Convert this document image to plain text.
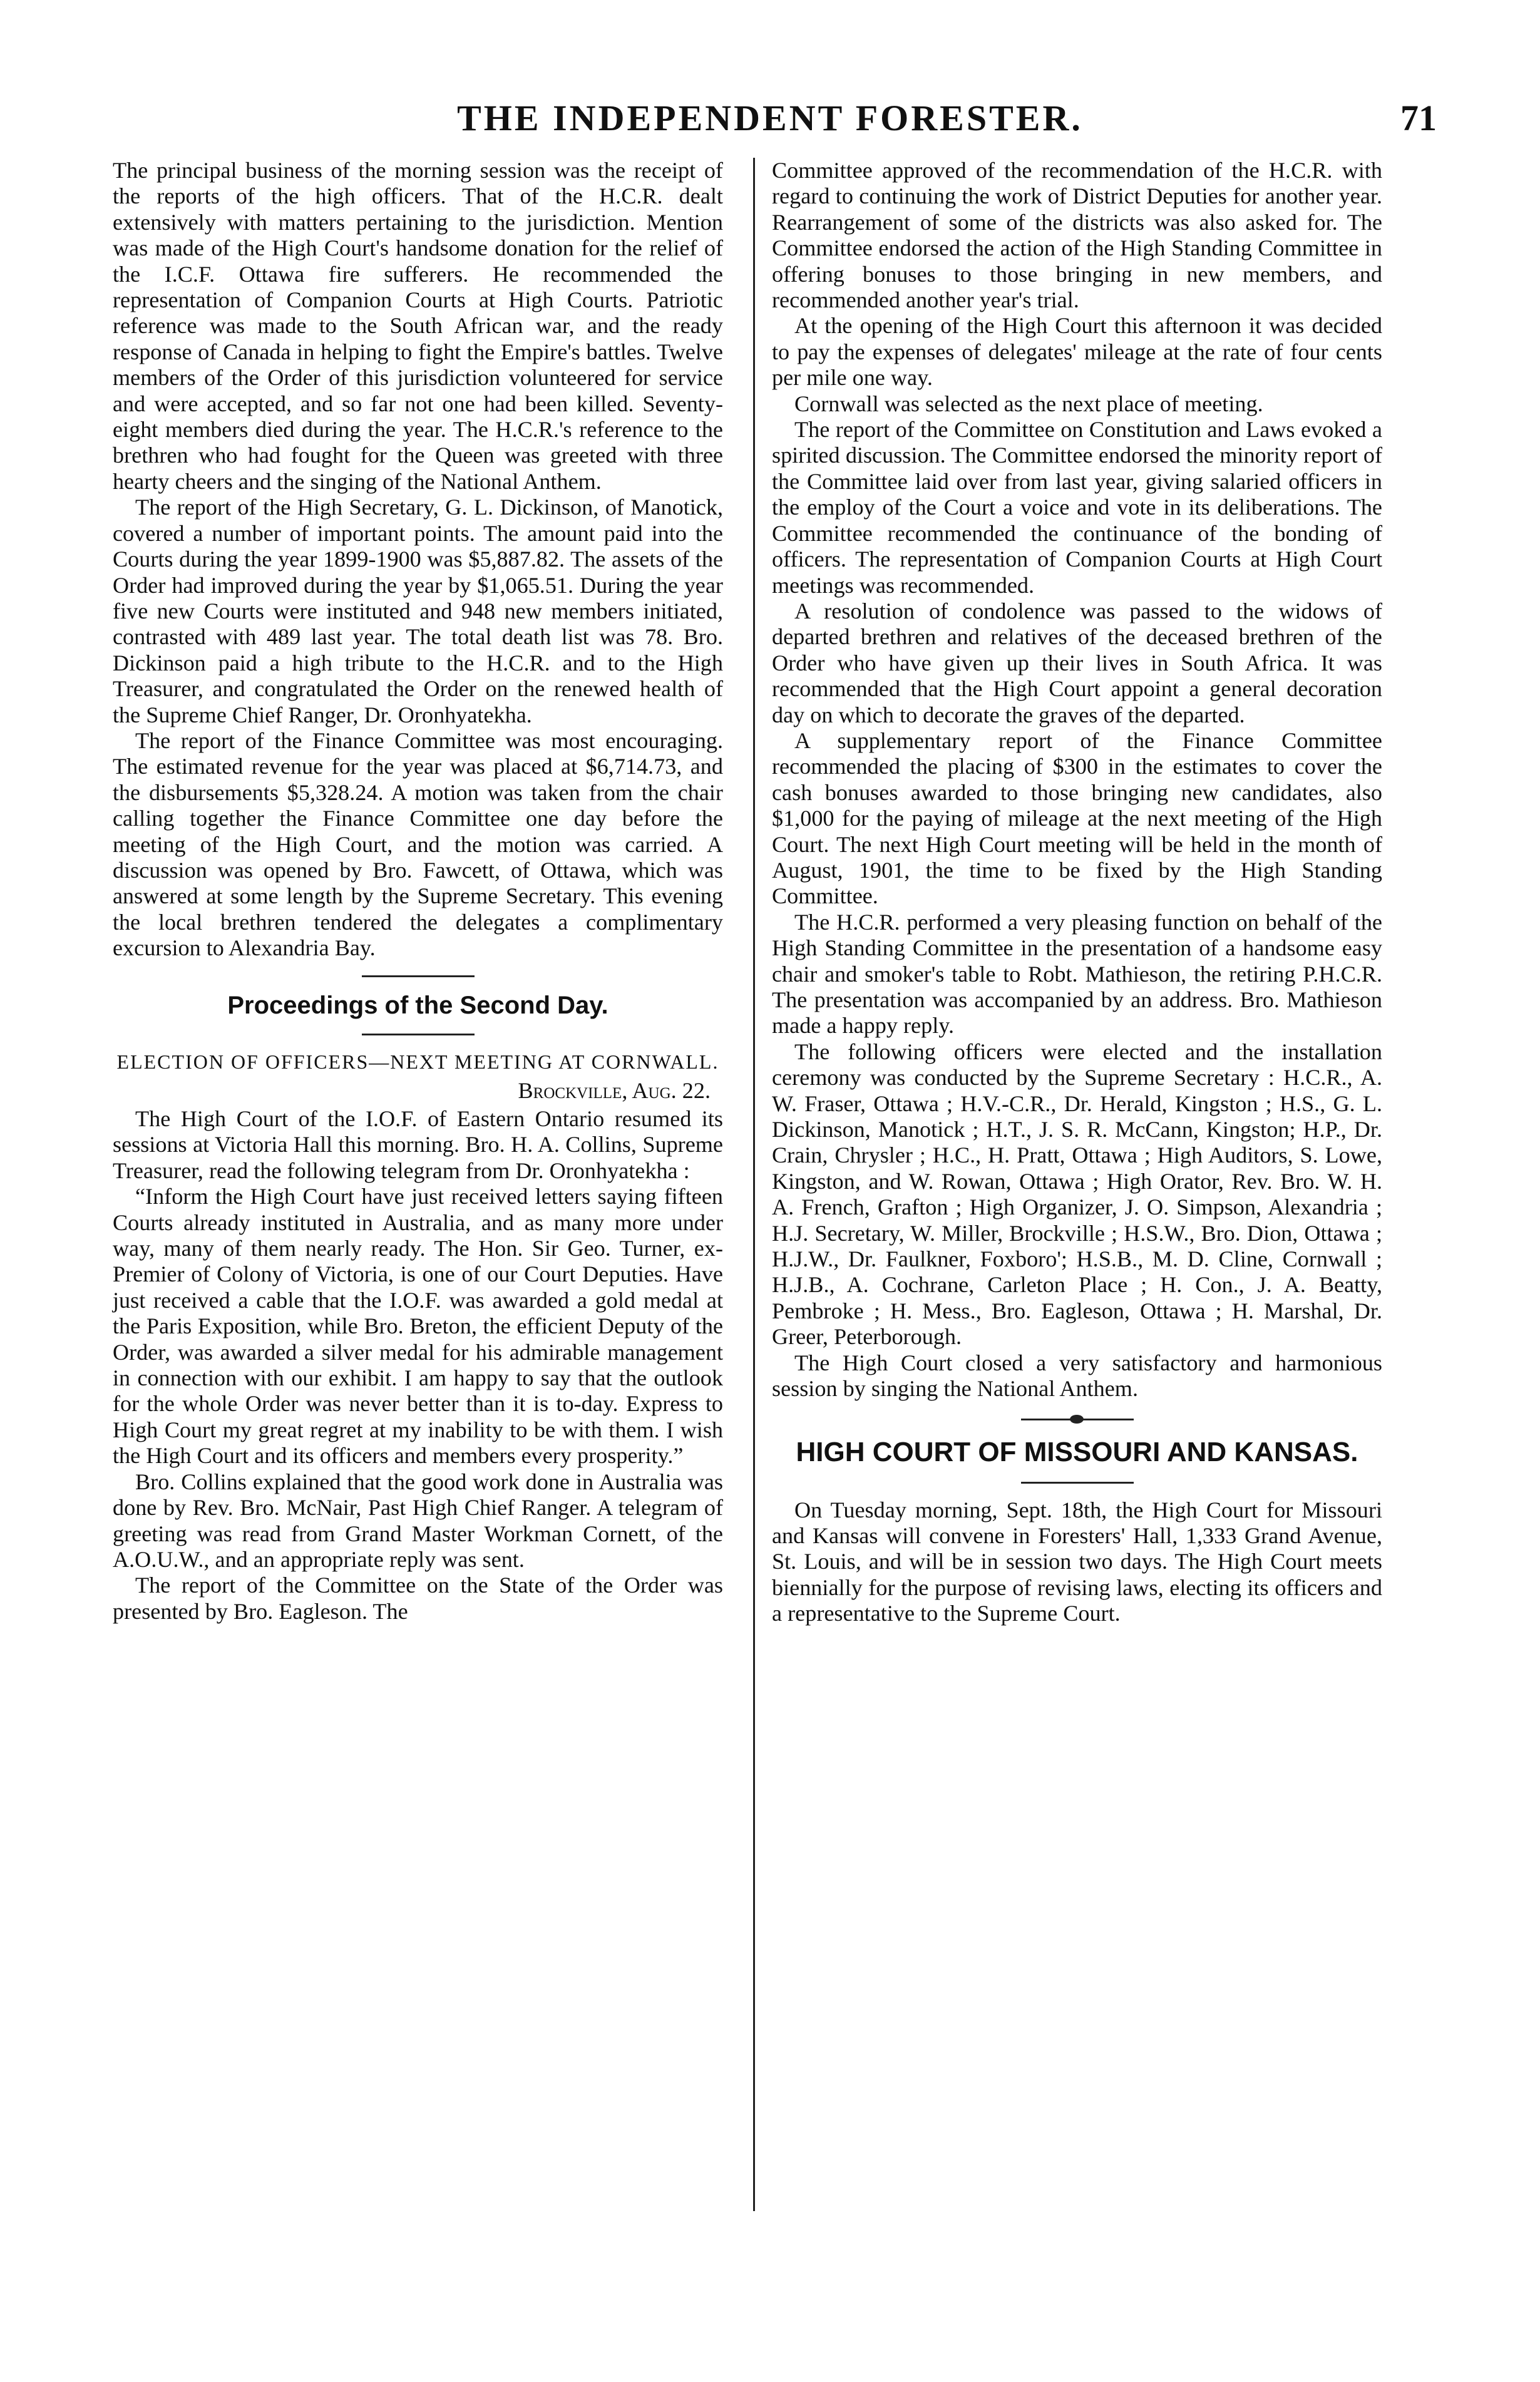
THE INDEPENDENT FORESTER.	71

The principal business of the morning session was the receipt of the reports of the high officers. That of the H.C.R. dealt extensively with matters pertaining to the jurisdiction. Mention was made of the High Court's handsome donation for the relief of the I.C.F. Ottawa fire sufferers. He recommended the representation of Companion Courts at High Courts. Patriotic reference was made to the South African war, and the ready response of Canada in helping to fight the Empire's battles. Twelve members of the Order of this jurisdiction volunteered for service and were accepted, and so far not one had been killed. Seventy-eight members died during the year. The H.C.R.'s reference to the brethren who had fought for the Queen was greeted with three hearty cheers and the singing of the National Anthem.

The report of the High Secretary, G. L. Dickinson, of Manotick, covered a number of important points. The amount paid into the Courts during the year 1899-1900 was $5,887.82. The assets of the Order had improved during the year by $1,065.51. During the year five new Courts were instituted and 948 new members initiated, contrasted with 489 last year. The total death list was 78. Bro. Dickinson paid a high tribute to the H.C.R. and to the High Treasurer, and congratulated the Order on the renewed health of the Supreme Chief Ranger, Dr. Oronhyatekha.

The report of the Finance Committee was most encouraging. The estimated revenue for the year was placed at $6,714.73, and the disbursements $5,328.24. A motion was taken from the chair calling together the Finance Committee one day before the meeting of the High Court, and the motion was carried. A discussion was opened by Bro. Fawcett, of Ottawa, which was answered at some length by the Supreme Secretary. This evening the local brethren tendered the delegates a complimentary excursion to Alexandria Bay.

Proceedings of the Second Day.
ELECTION OF OFFICERS—NEXT MEETING AT CORNWALL.
Brockville, Aug. 22.

The High Court of the I.O.F. of Eastern Ontario resumed its sessions at Victoria Hall this morning. Bro. H. A. Collins, Supreme Treasurer, read the following telegram from Dr. Oronhyatekha :

“Inform the High Court have just received letters saying fifteen Courts already instituted in Australia, and as many more under way, many of them nearly ready. The Hon. Sir Geo. Turner, ex-Premier of Colony of Victoria, is one of our Court Deputies. Have just received a cable that the I.O.F. was awarded a gold medal at the Paris Exposition, while Bro. Breton, the efficient Deputy of the Order, was awarded a silver medal for his admirable management in connection with our exhibit. I am happy to say that the outlook for the whole Order was never better than it is to-day. Express to High Court my great regret at my inability to be with them. I wish the High Court and its officers and members every prosperity.”

Bro. Collins explained that the good work done in Australia was done by Rev. Bro. McNair, Past High Chief Ranger. A telegram of greeting was read from Grand Master Workman Cornett, of the A.O.U.W., and an appropriate reply was sent.

The report of the Committee on the State of the Order was presented by Bro. Eagleson. The

Committee approved of the recommendation of the H.C.R. with regard to continuing the work of District Deputies for another year. Rearrangement of some of the districts was also asked for. The Committee endorsed the action of the High Standing Committee in offering bonuses to those bringing in new members, and recommended another year's trial.

At the opening of the High Court this afternoon it was decided to pay the expenses of delegates' mileage at the rate of four cents per mile one way.

Cornwall was selected as the next place of meeting.

The report of the Committee on Constitution and Laws evoked a spirited discussion. The Committee endorsed the minority report of the Committee laid over from last year, giving salaried officers in the employ of the Court a voice and vote in its deliberations. The Committee recommended the continuance of the bonding of officers. The representation of Companion Courts at High Court meetings was recommended.

A resolution of condolence was passed to the widows of departed brethren and relatives of the deceased brethren of the Order who have given up their lives in South Africa. It was recommended that the High Court appoint a general decoration day on which to decorate the graves of the departed.

A supplementary report of the Finance Committee recommended the placing of $300 in the estimates to cover the cash bonuses awarded to those bringing new candidates, also $1,000 for the paying of mileage at the next meeting of the High Court. The next High Court meeting will be held in the month of August, 1901, the time to be fixed by the High Standing Committee.

The H.C.R. performed a very pleasing function on behalf of the High Standing Committee in the presentation of a handsome easy chair and smoker's table to Robt. Mathieson, the retiring P.H.C.R. The presentation was accompanied by an address. Bro. Mathieson made a happy reply.

The following officers were elected and the installation ceremony was conducted by the Supreme Secretary : H.C.R., A. W. Fraser, Ottawa ; H.V.-C.R., Dr. Herald, Kingston ; H.S., G. L. Dickinson, Manotick ; H.T., J. S. R. McCann, Kingston; H.P., Dr. Crain, Chrysler ; H.C., H. Pratt, Ottawa ; High Auditors, S. Lowe, Kingston, and W. Rowan, Ottawa ; High Orator, Rev. Bro. W. H. A. French, Grafton ; High Organizer, J. O. Simpson, Alexandria ; H.J. Secretary, W. Miller, Brockville ; H.S.W., Bro. Dion, Ottawa ; H.J.W., Dr. Faulkner, Foxboro'; H.S.B., M. D. Cline, Cornwall ; H.J.B., A. Cochrane, Carleton Place ; H. Con., J. A. Beatty, Pembroke ; H. Mess., Bro. Eagleson, Ottawa ; H. Marshal, Dr. Greer, Peterborough.

The High Court closed a very satisfactory and harmonious session by singing the National Anthem.

HIGH COURT OF MISSOURI AND KANSAS.

On Tuesday morning, Sept. 18th, the High Court for Missouri and Kansas will convene in Foresters' Hall, 1,333 Grand Avenue, St. Louis, and will be in session two days. The High Court meets biennially for the purpose of revising laws, electing its officers and a representative to the Supreme Court.
